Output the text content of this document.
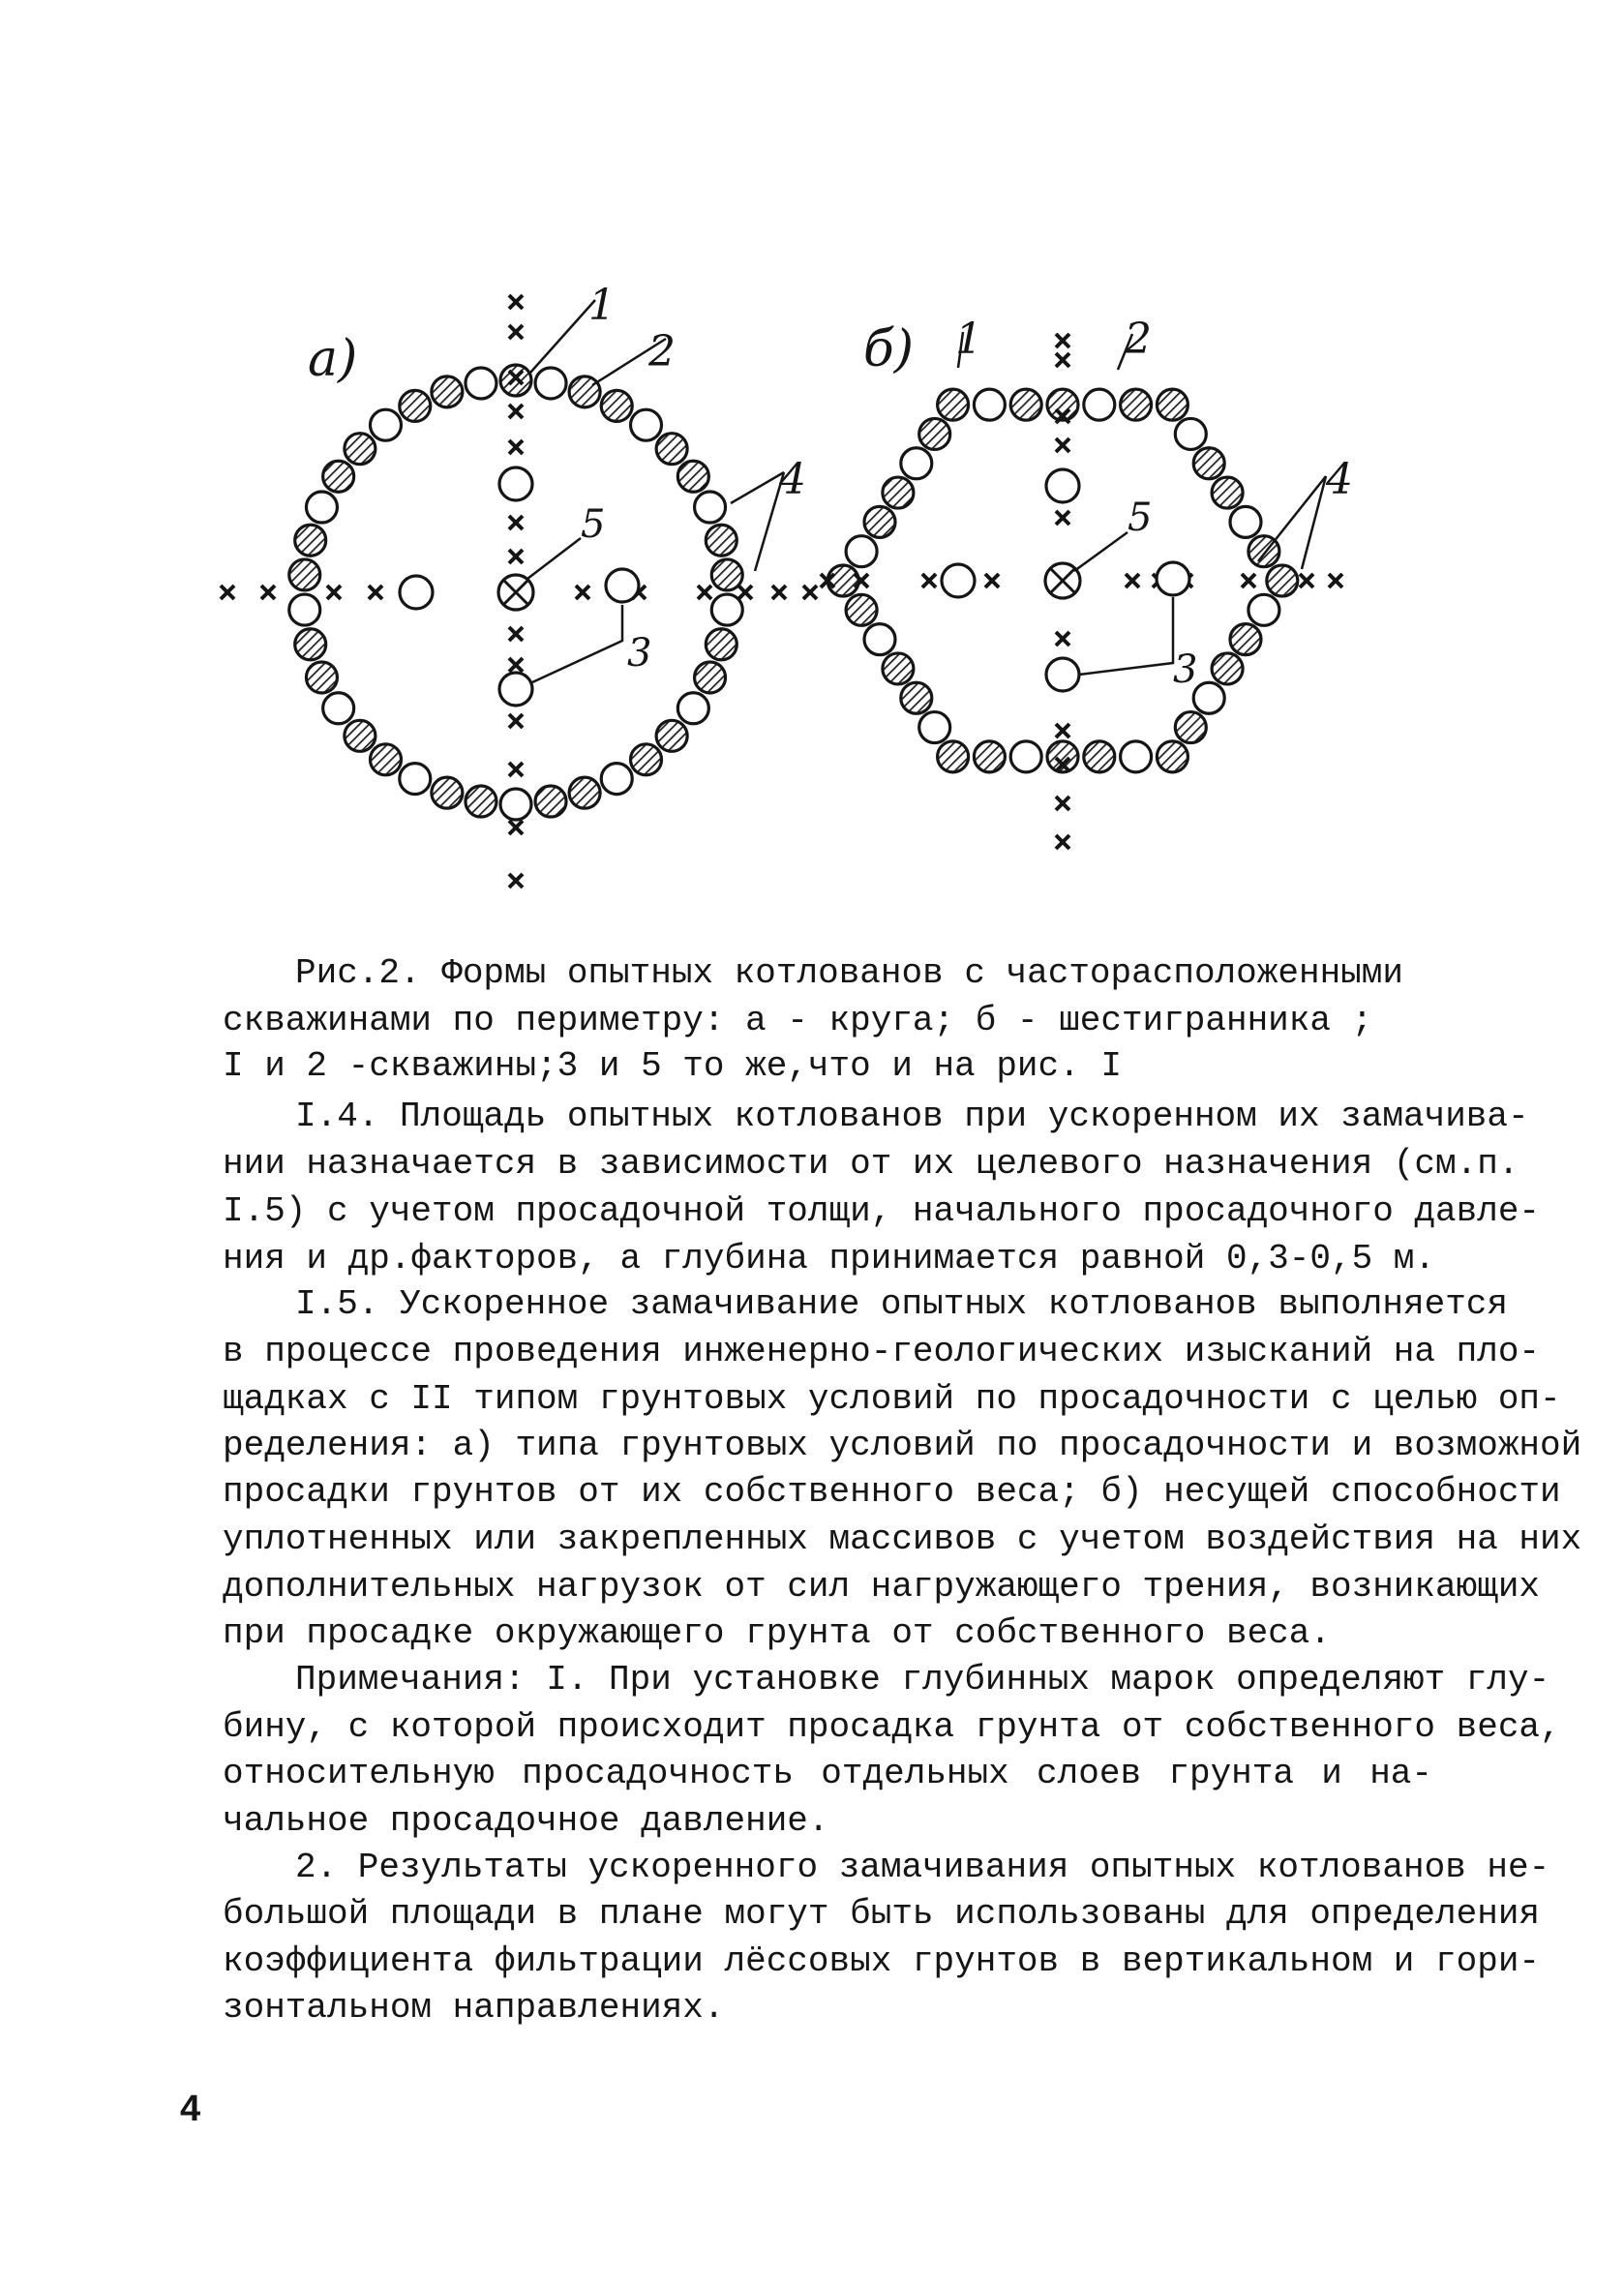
а)	б)
1
2
4
5
3
1	2
4
5
3
Рис.2. Формы опытных котлованов с часторасположенными
скважинами по периметру: а - круга; б - шестигранника ;
I и 2 -скважины;3 и 5 то же,что и на рис. I
I.4. Площадь опытных котлованов при ускоренном их замачива-
нии назначается в зависимости от их целевого назначения (см.п.
I.5) с учетом просадочной толщи, начального просадочного давле-
ния и др.факторов, а глубина принимается равной 0,3-0,5 м.
I.5. Ускоренное замачивание опытных котлованов выполняется
в процессе проведения инженерно-геологических изысканий на пло-
щадках с II типом грунтовых условий по просадочности с целью оп-
ределения: а) типа грунтовых условий по просадочности и возможной
просадки грунтов от их собственного веса; б) несущей способности
уплотненных или закрепленных массивов с учетом воздействия на них
дополнительных нагрузок от сил нагружающего трения, возникающих
при просадке окружающего грунта от собственного веса.
Примечания: I. При установке глубинных марок определяют глу-
бину, с которой происходит просадка грунта от собственного веса,
относительную просадочность отдельных слоев грунта и на-
чальное просадочное давление.
2. Результаты ускоренного замачивания опытных котлованов не-
большой площади в плане могут быть использованы для определения
коэффициента фильтрации лёссовых грунтов в вертикальном и гори-
зонтальном направлениях.
4
